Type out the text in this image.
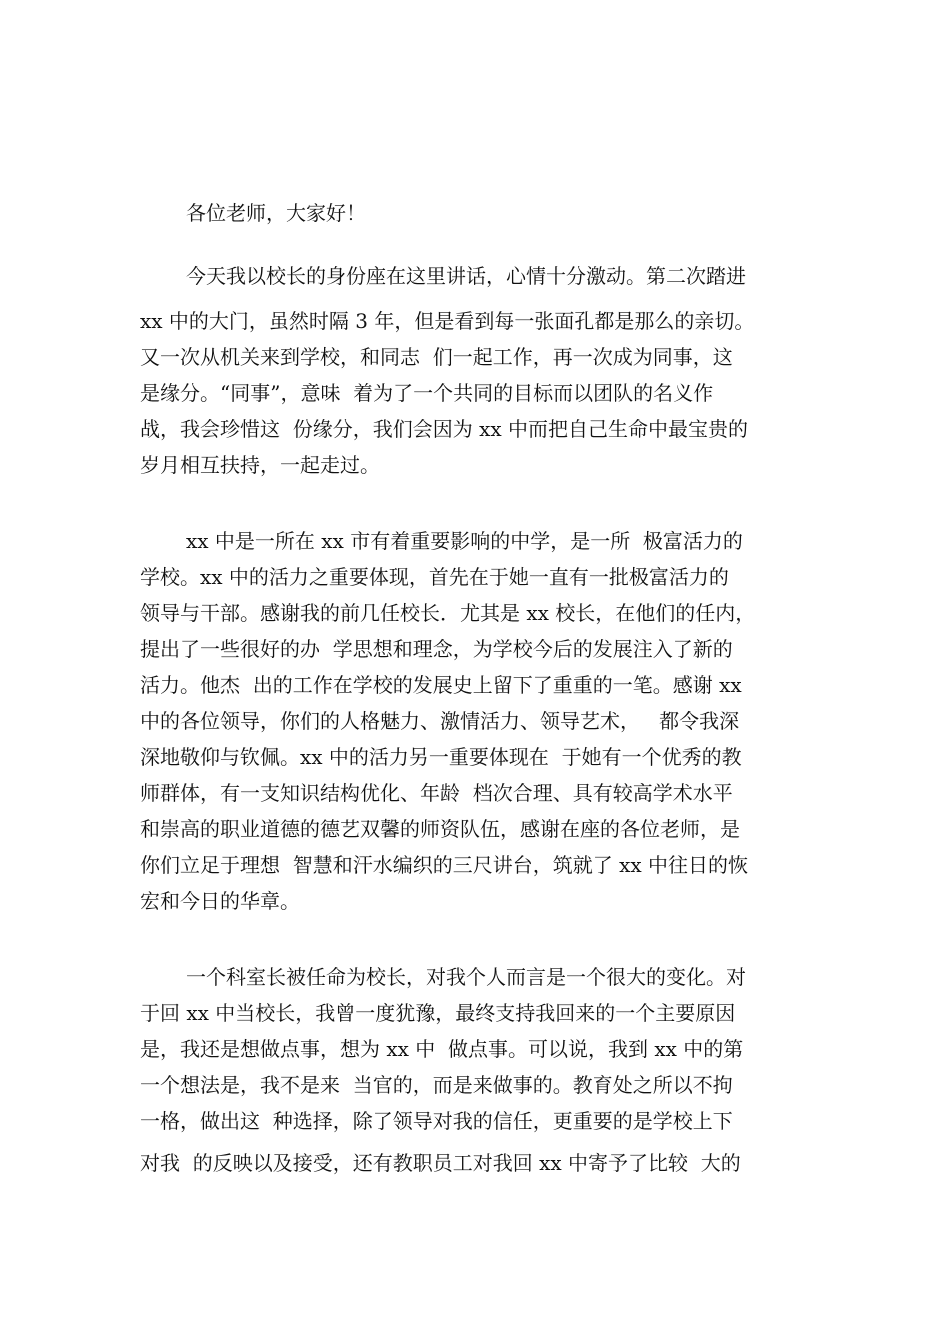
各位老师，大家好！
今天我以校长的身份座在这里讲话，心情十分激动。第二次踏进
xx 中的大门，虽然时隔 3 年，但是看到每一张面孔都是那么的亲切。
又一次从机关来到学校，和同志  们一起工作，再一次成为同事，这
是缘分。“同事”，意味  着为了一个共同的目标而以团队的名义作
战，我会珍惜这  份缘分，我们会因为 xx 中而把自己生命中最宝贵的
岁月相互扶持，一起走过。
xx 中是一所在 xx 市有着重要影响的中学，是一所  极富活力的
学校。xx 中的活力之重要体现，首先在于她一直有一批极富活力的
领导与干部。感谢我的前几任校长．尤其是 xx 校长，在他们的任内，
提出了一些很好的办  学思想和理念，为学校今后的发展注入了新的
活力。他杰  出的工作在学校的发展史上留下了重重的一笔。感谢 xx
中的各位领导，你们的人格魅力、激情活力、领导艺术，   都令我深
深地敬仰与钦佩。xx 中的活力另一重要体现在  于她有一个优秀的教
师群体，有一支知识结构优化、年龄  档次合理、具有较高学术水平
和崇高的职业道德的德艺双馨的师资队伍，感谢在座的各位老师，是
你们立足于理想  智慧和汗水编织的三尺讲台，筑就了 xx 中往日的恢
宏和今日的华章。
一个科室长被任命为校长，对我个人而言是一个很大的变化。对
于回 xx 中当校长，我曾一度犹豫，最终支持我回来的一个主要原因
是，我还是想做点事，想为 xx 中  做点事。可以说，我到 xx 中的第
一个想法是，我不是来  当官的，而是来做事的。教育处之所以不拘
一格，做出这  种选择，除了领导对我的信任，更重要的是学校上下
对我  的反映以及接受，还有教职员工对我回 xx 中寄予了比较  大的
